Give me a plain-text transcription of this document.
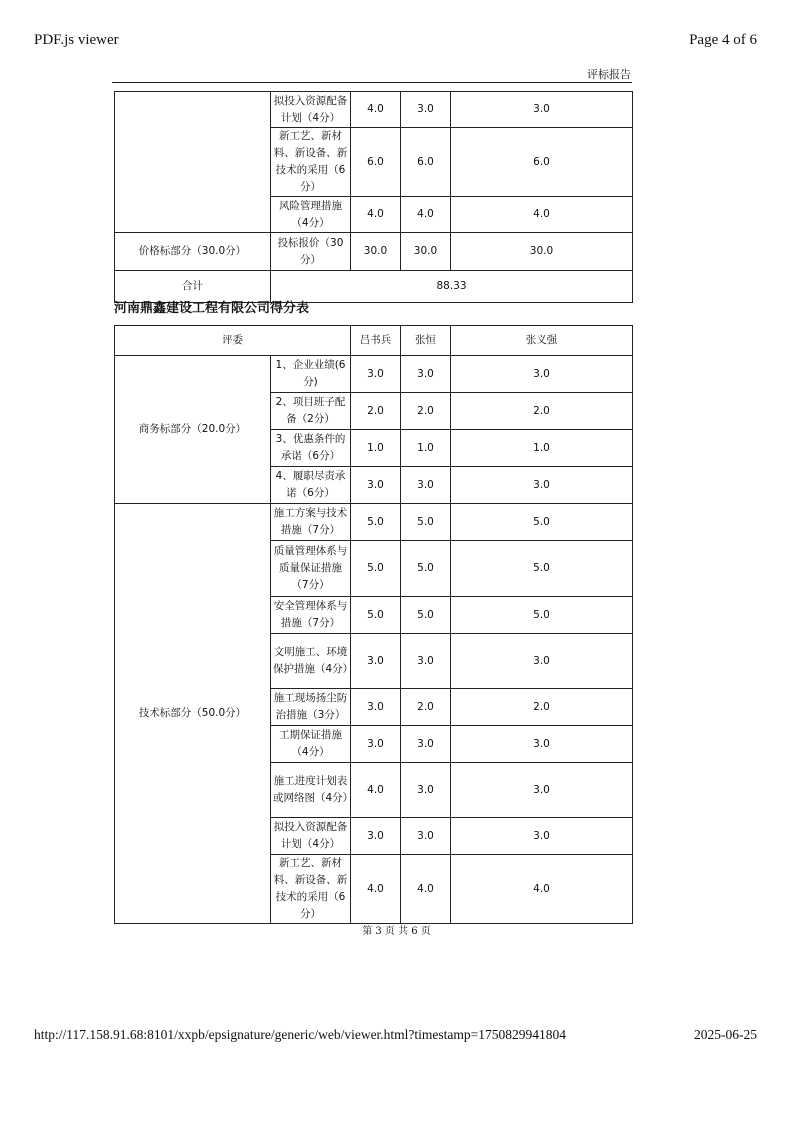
PDF.js viewer	Page 4 of 6
评标报告
	拟投入资源配备计划（4分）	4.0	3.0	3.0
	新工艺、新材料、新设备、新技术的采用（6分）	6.0	6.0	6.0
	风险管理措施（4分）	4.0	4.0	4.0
价格标部分（30.0分）	投标报价（30分）	30.0	30.0	30.0
合计	88.33			
河南鼎鑫建设工程有限公司得分表
评委		吕书兵	张恒	张义强
商务标部分（20.0分）	1、企业业绩(6分)	3.0	3.0	3.0
	2、项目班子配备（2分）	2.0	2.0	2.0
	3、优惠条件的承诺（6分）	1.0	1.0	1.0
	4、履职尽责承诺（6分）	3.0	3.0	3.0
技术标部分（50.0分）	施工方案与技术措施（7分）	5.0	5.0	5.0
	质量管理体系与质量保证措施（7分）	5.0	5.0	5.0
	安全管理体系与措施（7分）	5.0	5.0	5.0
	文明施工、环境保护措施（4分）	3.0	3.0	3.0
	施工现场扬尘防治措施（3分）	3.0	2.0	2.0
	工期保证措施（4分）	3.0	3.0	3.0
	施工进度计划表或网络图（4分）	4.0	3.0	3.0
	拟投入资源配备计划（4分）	3.0	3.0	3.0
	新工艺、新材料、新设备、新技术的采用（6分）	4.0	4.0	4.0
第 3 页 共 6 页
http://117.158.91.68:8101/xxpb/epsignature/generic/web/viewer.html?timestamp=1750829941804	2025-06-25
